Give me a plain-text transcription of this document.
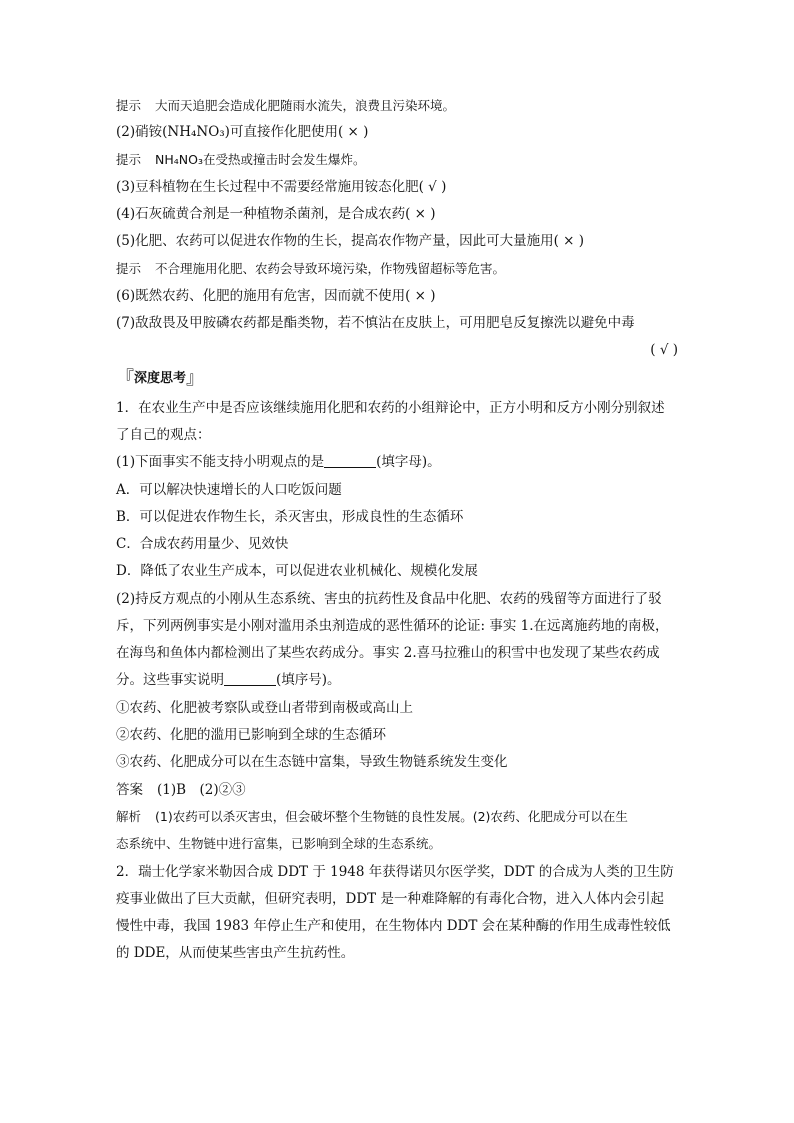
提示 大而天追肥会造成化肥随雨水流失，浪费且污染环境。
(2)硝铵(NH₄NO₃)可直接作化肥使用( × )
提示 NH₄NO₃在受热或撞击时会发生爆炸。
(3)豆科植物在生长过程中不需要经常施用铵态化肥( √ )
(4)石灰硫黄合剂是一种植物杀菌剂，是合成农药( × )
(5)化肥、农药可以促进农作物的生长，提高农作物产量，因此可大量施用( × )
提示 不合理施用化肥、农药会导致环境污染，作物残留超标等危害。
(6)既然农药、化肥的施用有危害，因而就不使用( × )
(7)敌敌畏及甲胺磷农药都是酯类物，若不慎沾在皮肤上，可用肥皂反复擦洗以避免中毒
( √ )
『深度思考』
1．在农业生产中是否应该继续施用化肥和农药的小组辩论中，正方小明和反方小刚分别叙述
了自己的观点：
(1)下面事实不能支持小明观点的是	(填字母)。
A．可以解决快速增长的人口吃饭问题
B．可以促进农作物生长，杀灭害虫，形成良性的生态循环
C．合成农药用量少、见效快
D．降低了农业生产成本，可以促进农业机械化、规模化发展
(2)持反方观点的小刚从生态系统、害虫的抗药性及食品中化肥、农药的残留等方面进行了驳
斥，下列两例事实是小刚对滥用杀虫剂造成的恶性循环的论证: 事实 1.在远离施药地的南极，
在海鸟和鱼体内都检测出了某些农药成分。事实 2.喜马拉雅山的积雪中也发现了某些农药成
分。这些事实说明	(填序号)。
①农药、化肥被考察队或登山者带到南极或高山上
②农药、化肥的滥用已影响到全球的生态循环
③农药、化肥成分可以在生态链中富集，导致生物链系统发生变化
答案 (1)B　(2)②③
解析 (1)农药可以杀灭害虫，但会破坏整个生物链的良性发展。(2)农药、化肥成分可以在生
态系统中、生物链中进行富集，已影响到全球的生态系统。
2．瑞士化学家米勒因合成 DDT 于 1948 年获得诺贝尔医学奖，DDT 的合成为人类的卫生防
疫事业做出了巨大贡献，但研究表明，DDT 是一种难降解的有毒化合物，进入人体内会引起
慢性中毒，我国 1983 年停止生产和使用，在生物体内 DDT 会在某种酶的作用生成毒性较低
的 DDE，从而使某些害虫产生抗药性。
